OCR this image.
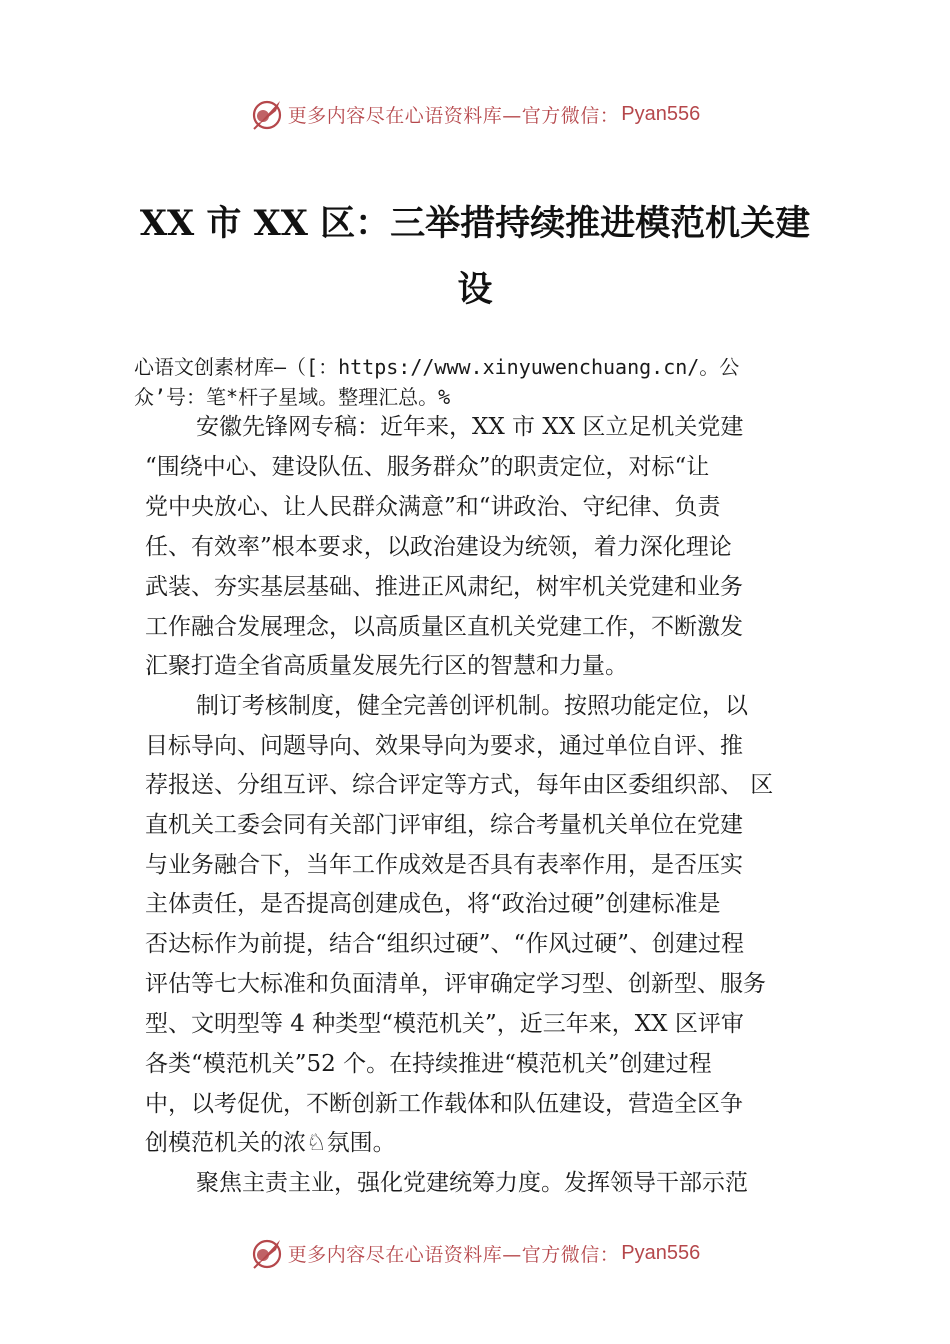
更多内容尽在心语资料库—官方微信： Pyan556
XX 市 XX 区：三举措持续推进模范机关建
设
心语文创素材库—（[：https://www.xinyuwenchuang.cn/。公
众’号：笔*杆子星域。整理汇总。%
安徽先锋网专稿：近年来，XX 市 XX 区立足机关党建
“围绕中心、建设队伍、服务群众”的职责定位，对标“让
党中央放心、让人民群众满意”和“讲政治、守纪律、负责
任、有效率”根本要求，以政治建设为统领，着力深化理论
武装、夯实基层基础、推进正风肃纪，树牢机关党建和业务
工作融合发展理念，以高质量区直机关党建工作，不断激发
汇聚打造全省高质量发展先行区的智慧和力量。
制订考核制度，健全完善创评机制。按照功能定位，以
目标导向、问题导向、效果导向为要求，通过单位自评、推
荐报送、分组互评、综合评定等方式，每年由区委组织部、 区
直机关工委会同有关部门评审组，综合考量机关单位在党建
与业务融合下，当年工作成效是否具有表率作用，是否压实
主体责任，是否提高创建成色，将“政治过硬”创建标准是
否达标作为前提，结合“组织过硬”、“作风过硬”、创建过程
评估等七大标准和负面清单，评审确定学习型、创新型、服务
型、文明型等 4 种类型“模范机关”，近三年来，XX 区评审
各类“模范机关”52 个。在持续推进“模范机关”创建过程
中，以考促优，不断创新工作载体和队伍建设，营造全区争
创模范机关的浓♘氛围。
聚焦主责主业，强化党建统筹力度。发挥领导干部示范
更多内容尽在心语资料库—官方微信： Pyan556
